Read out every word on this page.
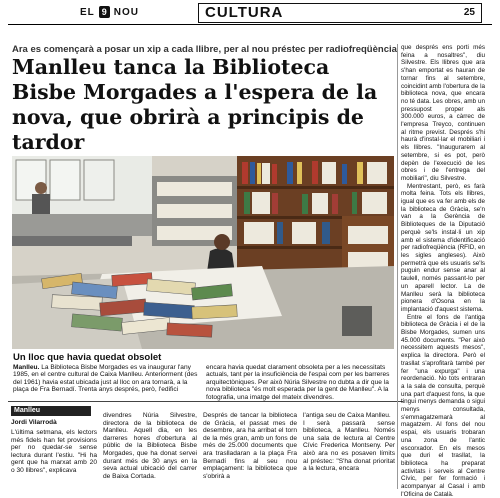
EL 9 NOU	CULTURA	25
Ara es començarà a posar un xip a cada llibre, per al nou préstec per radiofreqüència
Manlleu tanca la Biblioteca Bisbe Morgades a l'espera de la nova, que obrirà a principis de tardor
Un lloc que havia quedat obsolet
Manlleu. La Biblioteca Bisbe Morgades es va inaugurar l'any 1985, en el centre cultural de Caixa Manlleu. Anteriorment (des del 1961) havia estat ubicada just al lloc on ara tornarà, a la plaça de Fra Bernadí. Trenta anys després, però, l'edifici
encara havia quedat clarament obsoleta per a les necessitats actuals, tant per la insuficiència de l'espai com per les barreres arquitectòniques. Per això Núria Silvestre no dubta a dir que la nova biblioteca "és molt esperada per la gent de Manlleu". A la fotografia, una imatge del mateix divendres.
Manlleu
Jordi Vilarrodà
L'última setmana, els lectors més fidels han fet provisions per no quedar-se sense lectura durant l'estiu. "Hi ha gent que ha marxat amb 20 o 30 llibres", explicava
divendres Núria Silvestre, directora de la biblioteca de Manlleu. Aquell dia, en les darreres hores d'obertura al públic de la Biblioteca Bisbe Morgades, que ha donat servei durant més de 30 anys en la seva actual ubicació del carrer de Baixa Cortada.
Després de tancar la biblioteca de Gràcia, el passat mes de desembre, ara ha arribat el torn de la més gran, amb un fons de més de 25.000 documents que ara traslladaran a la plaça Fra Bernadí fins al seu nou emplaçament: la biblioteca que s'obrirà a
l'antiga seu de Caixa Manlleu.
I serà passarà sense biblioteca, a Manlleu. Només una sala de lectura al Centre Cívic Frederica Montseny. Per això ara no es posaven límits al préstec: "S'ha donat prioritat a la lectura, encara

que després ens porti més feina a nosaltres", diu Silvestre. Els llibres que ara s'han emportat es hauran de tornar fins al setembre, coincidint amb l'obertura de la biblioteca nova, que encara no té data. Les obres, amb un pressupost proper als 300.000 euros, a càrrec de l'empresa Treyco, continuen al ritme previst. Després s'hi haurà d'instal·lar el mobiliari i els llibres. "Inaugurarem al setembre, si es pot, però depèn de l'execució de les obres i de l'entrega del mobiliari", diu Silvestre.

Mentrestant, però, es farà molta feina. Tots els llibres, igual que es va fer amb els de la biblioteca de Gràcia, se'n van a la Gerència de Biblioteques de la Diputació perquè se'ls instal·li un xip amb el sistema d'identificació per radiofreqüència (RFID, en les sigles angleses). Això permetrà que els usuaris se'ls puguin endur sense anar al taulell, només passant-lo per un aparell lector. La de Manlleu serà la biblioteca pionera d'Osona en la implantació d'aquest sistema.

Entre el fons de l'antiga biblioteca de Gràcia i el de la Bisbe Morgades, sumen uns 45.000 documents. "Per això necessitem aquests mesos", explica la directora. Però el trasllat s'aprofitarà també per fer "una expurga" i una reordenació. No tots entraran a la sala de consulta, perquè una part d'aquest fons, la que tingui menys demanda o sigui menys consultada, s'emmagatzemarà al magatzem. Al fons del nou espai, els usuaris trobaran una zona de l'antic escorxador. En els mesos que duri el trasllat, la biblioteca ha preparat activitats i serveis al Centre Cívic, per fer formació i acompanyar al Casal i amb l'Oficina de Català.
